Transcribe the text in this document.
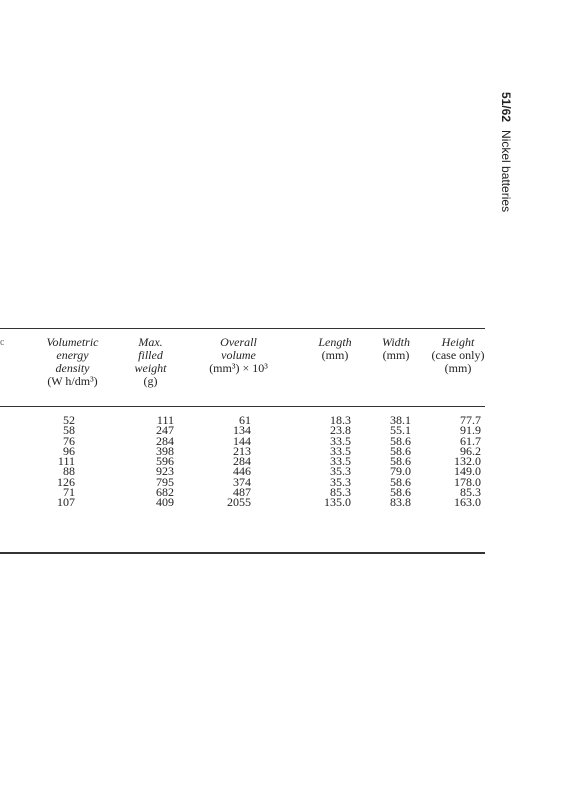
51/62Nickel batteries
c	Volumetric
energy
density
(W h/dm³)	Max.
filled
weight
(g)	Overall
volume
(mm³) × 10³	Length
(mm)	Width
(mm)	Height
(case only)
(mm)

52	111	61	18.3	38.1	77.7
58	247	134	23.8	55.1	91.9
76	284	144	33.5	58.6	61.7
96	398	213	33.5	58.6	96.2
111	596	284	33.5	58.6	132.0
88	923	446	35.3	79.0	149.0
126	795	374	35.3	58.6	178.0
71	682	487	85.3	58.6	85.3
107	409	2055	135.0	83.8	163.0
